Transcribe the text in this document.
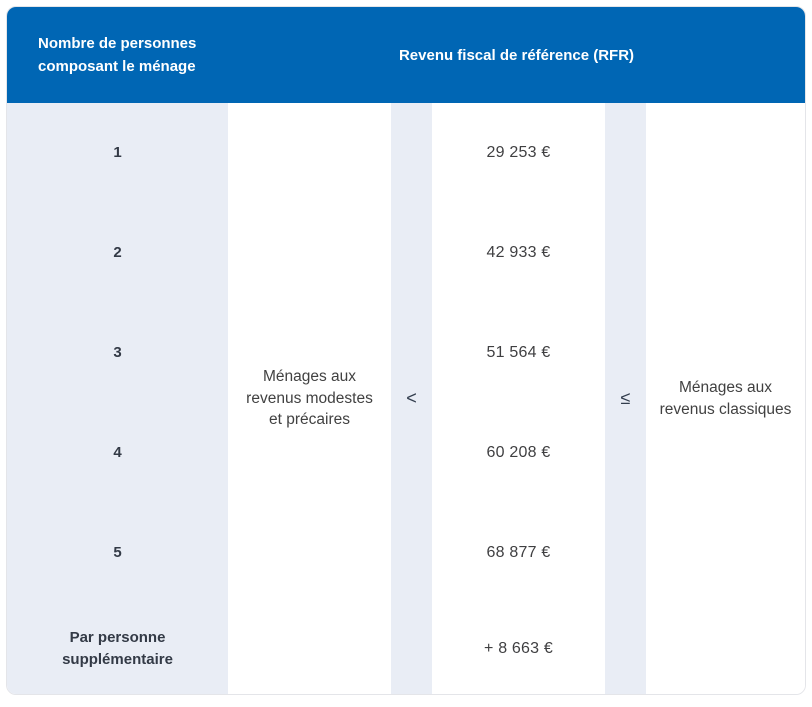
Nombre de personnes composant le ménage
Revenu fiscal de référence (RFR)
1
2
3
4
5
Par personne supplémentaire
Ménages aux revenus modestes et précaires
<
29 253 €
42 933 €
51 564 €
60 208 €
68 877 €
+ 8 663 €
≤
Ménages aux revenus classiques
